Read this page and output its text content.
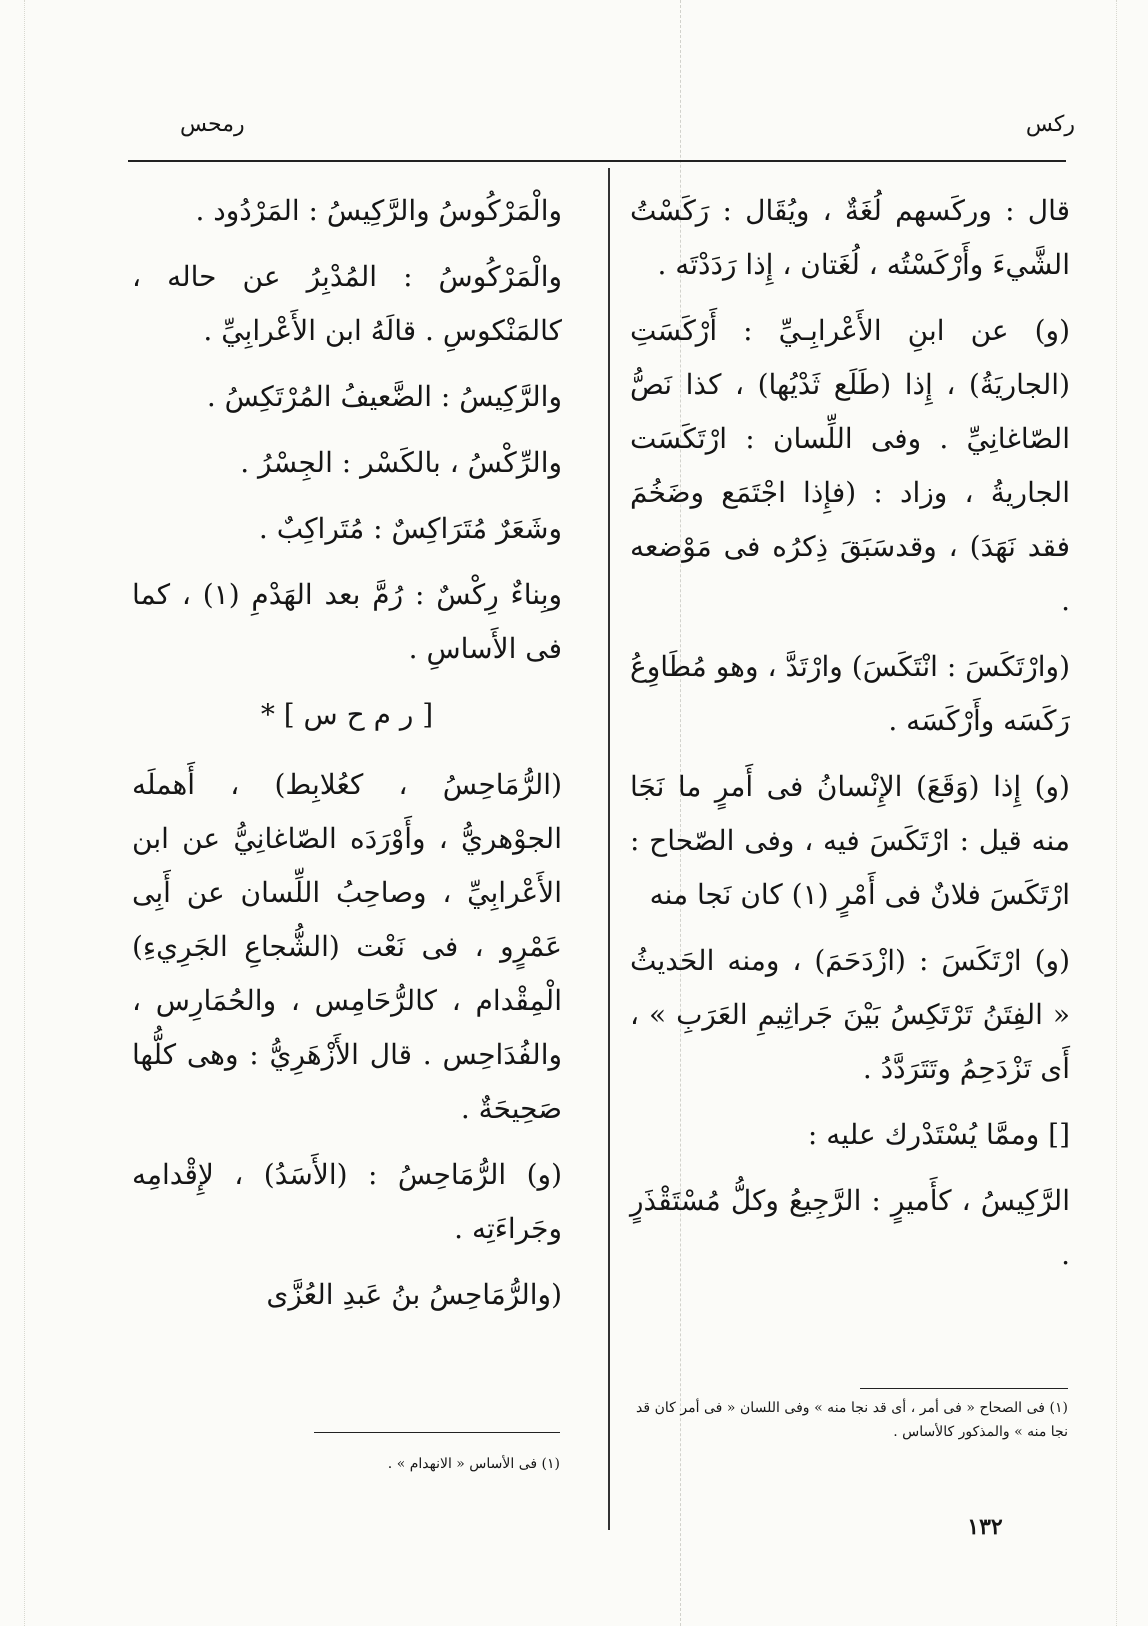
ركس
رمحس

قال : وركَسهم لُغَةٌ ، ويُقَال : رَكَسْتُ الشَّيءَ وأَرْكَسْتُه ، لُغَتان ، إِذا رَدَدْتَه .

(و) عن ابنِ الأَعْرابِـيِّ : أَرْكَسَتِ (الجاريَةُ) ، إِذا (طَلَع ثَدْيُها) ، كذا نَصُّ الصّاغانِيِّ . وفى اللِّسان : ارْتَكَسَت الجاريةُ ، وزاد : (فإِذا اجْتَمَع وضَخُمَ فقد نَهَدَ) ، وقدسَبَقَ ذِكرُه فى مَوْضعه .

(وارْتَكَسَ : انْتَكَسَ) وارْتَدَّ ، وهو مُطَاوِعُ رَكَسَه وأَرْكَسَه .

(و) إِذا (وَقَعَ) الإِنْسانُ فى أَمرٍ ما نَجَا منه قيل : ارْتَكَسَ فيه ، وفى الصّحاح : ارْتَكَسَ فلانٌ فى أَمْرٍ (١) كان نَجا منه

(و) ارْتَكَسَ : (ازْدَحَمَ) ، ومنه الحَديثُ « الفِتَنُ تَرْتَكِسُ بَيْنَ جَراثِيمِ العَرَبِ » ، أَى تَزْدَحِمُ وتَتَرَدَّدُ .

[] وممَّا يُسْتَدْرك عليه :

الرَّكِيسُ ، كأَميرٍ : الرَّجِيعُ وكلُّ مُسْتَقْذَرٍ .

والْمَرْكُوسُ والرَّكِيسُ : المَرْدُود .

والْمَرْكُوسُ : المُدْبِرُ عن حاله ، كالمَنْكوسِ . قالَهُ ابن الأَعْرابِيِّ .

والرَّكِيسُ : الضَّعيفُ المُرْتَكِسُ .

والرِّكْسُ ، بالكَسْر : الجِسْرُ .

وشَعَرٌ مُتَرَاكِسٌ : مُتَراكِبٌ .

وبِناءٌ رِكْسٌ : رُمَّ بعد الهَدْمِ (١) ، كما فى الأَساسِ .

[ ر م ح س ] *

(الرُّمَاحِسُ ، كعُلابِط) ، أَهملَه الجوْهريُّ ، وأَوْرَدَه الصّاغانِيُّ عن ابن الأَعْرابِيِّ ، وصاحِبُ اللِّسان عن أَبِى عَمْرٍو ، فى نَعْت (الشُّجاعِ الجَرِيءِ) الْمِقْدام ، كالرُّحَامِس ، والحُمَارِس ، والفُدَاحِس . قال الأَزْهَرِيُّ : وهى كلُّها صَحِيحَةٌ .

(و) الرُّمَاحِسُ : (الأَسَدُ) ، لإِقْدامِه وجَراءَتِه .

(والرُّمَاحِسُ بنُ عَبدِ العُزَّى

(١) فى الصحاح « فى أمر ، أى قد نجا منه » وفى اللسان « فى أمر كان قد نجا منه » والمذكور كالأساس .

(١) فى الأساس « الانهدام » .

١٣٢
